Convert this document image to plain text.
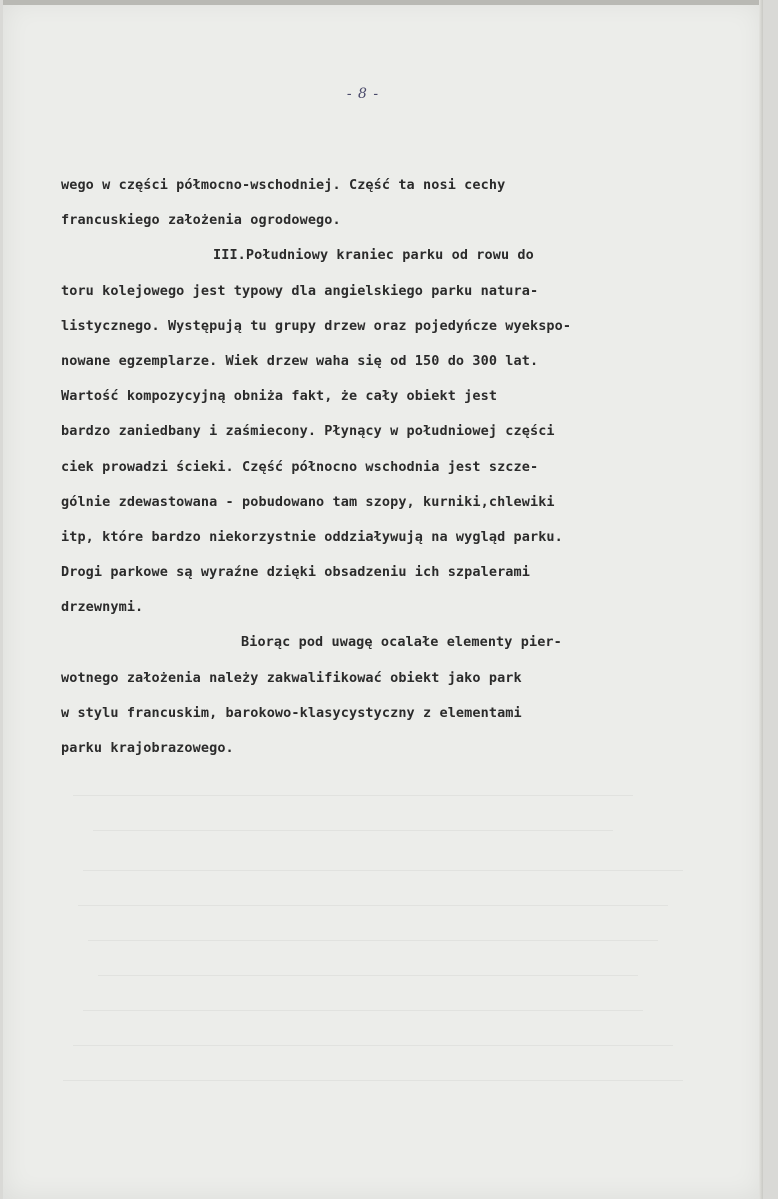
- 8 -
wego w części półmocno-wschodniej. Część ta nosi cechy
francuskiego założenia ogrodowego.
III.Południowy kraniec parku od rowu do
toru kolejowego jest typowy dla angielskiego parku natura-
listycznego. Występują tu grupy drzew oraz pojedyńcze wyekspo-
nowane egzemplarze. Wiek drzew waha się od 150 do 300 lat.
Wartość kompozycyjną obniża fakt, że cały obiekt jest
bardzo zaniedbany i zaśmiecony. Płynący w południowej części
ciek prowadzi ścieki. Część północno wschodnia jest szcze-
gólnie zdewastowana - pobudowano tam szopy, kurniki,chlewiki
itp, które bardzo niekorzystnie oddziaływują na wygląd parku.
Drogi parkowe są wyraźne dzięki obsadzeniu ich szpalerami
drzewnymi.
Biorąc pod uwagę ocalałe elementy pier-
wotnego założenia należy zakwalifikować obiekt jako park
w stylu francuskim, barokowo-klasycystyczny z elementami
parku krajobrazowego.
